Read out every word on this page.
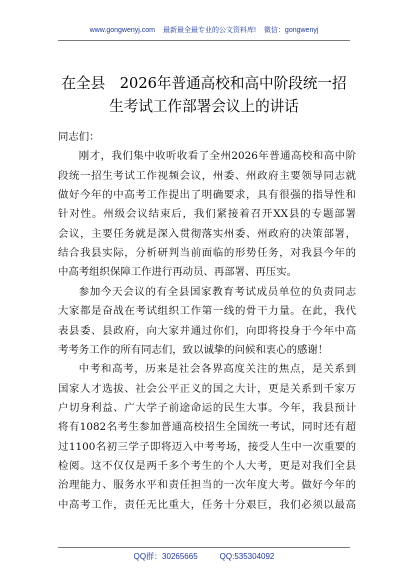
www.gongwenyj.com 最新最全最专业的公文资料库! 微信：gongwenyj
在全县　2026年普通高校和高中阶段统一招
生考试工作部署会议上的讲话

同志们：

刚才，我们集中收听收看了全州2026年普通高校和高中阶
段统一招生考试工作视频会议，州委、州政府主要领导同志就
做好今年的中高考工作提出了明确要求，具有很强的指导性和
针对性。州级会议结束后，我们紧接着召开XX县的专题部署
会议，主要任务就是深入贯彻落实州委、州政府的决策部署，
结合我县实际，分析研判当前面临的形势任务，对我县今年的
中高考组织保障工作进行再动员、再部署、再压实。
参加今天会议的有全县国家教育考试成员单位的负责同志
大家都是奋战在考试组织工作第一线的骨干力量。在此，我代
表县委、县政府，向大家并通过你们，向即将投身于今年中高
考考务工作的所有同志们，致以诚挚的问候和衷心的感谢！
中考和高考，历来是社会各界高度关注的焦点，是关系到
国家人才选拔、社会公平正义的国之大计，更是关系到千家万
户切身利益、广大学子前途命运的民生大事。今年，我县预计
将有1082名考生参加普通高校招生全国统一考试，同时还有超
过1100名初三学子即将迈入中考考场，接受人生中一次重要的
检阅。这不仅仅是两千多个考生的个人大考，更是对我们全县
治理能力、服务水平和责任担当的一次年度大考。做好今年的
中高考工作，责任无比重大，任务十分艰巨，我们必须以最高
QQ群：30265665	QQ:535304092
